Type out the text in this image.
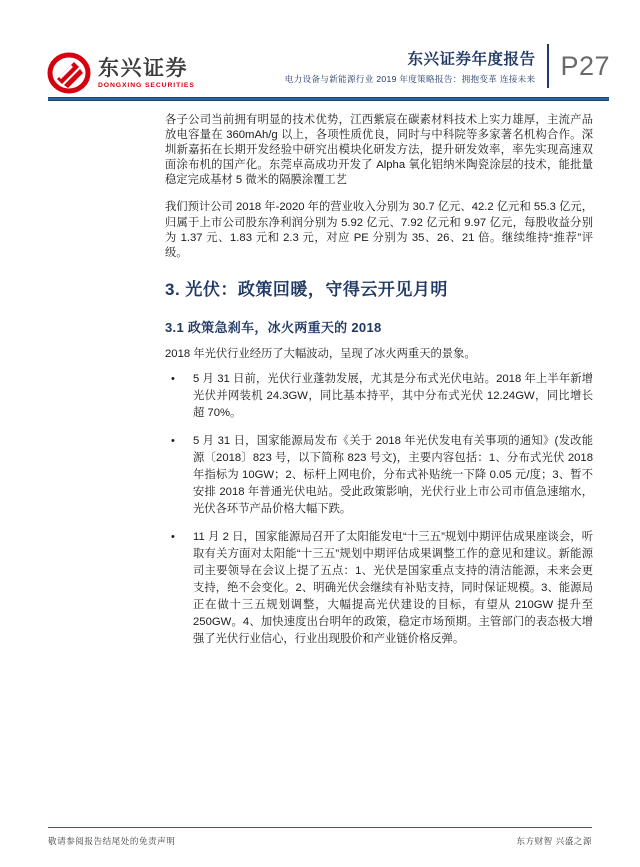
东兴证券
DONGXING SECURITIES
东兴证券年度报告
电力设备与新能源行业 2019 年度策略报告：拥抱变革 连接未来 P27

各子公司当前拥有明显的技术优势，江西紫宸在碳素材料技术上实力雄厚，主流产品放电容量在 360mAh/g 以上，各项性质优良，同时与中科院等多家著名机构合作。深圳新嘉拓在长期开发经验中研究出模块化研发方法，提升研发效率，率先实现高速双面涂布机的国产化。东莞卓高成功开发了 Alpha 氧化铝纳米陶瓷涂层的技术，能批量稳定完成基材 5 微米的隔膜涂覆工艺

我们预计公司 2018 年-2020 年的营业收入分别为 30.7 亿元、42.2 亿元和 55.3 亿元，归属于上市公司股东净利润分别为 5.92 亿元、7.92 亿元和 9.97 亿元，每股收益分别为 1.37 元、1.83 元和 2.3 元，对应 PE 分别为 35、26、21 倍。继续维持“推荐”评级。

3. 光伏：政策回暖，守得云开见月明
3.1 政策急刹车，冰火两重天的 2018

2018 年光伏行业经历了大幅波动，呈现了冰火两重天的景象。

• 5 月 31 日前，光伏行业蓬勃发展，尤其是分布式光伏电站。2018 年上半年新增光伏并网装机 24.3GW，同比基本持平，其中分布式光伏 12.24GW，同比增长超 70%。
• 5 月 31 日，国家能源局发布《关于 2018 年光伏发电有关事项的通知》(发改能源〔2018〕823 号，以下简称 823 号文)，主要内容包括：1、分布式光伏 2018 年指标为 10GW；2、标杆上网电价，分布式补贴统一下降 0.05 元/度；3、暂不安排 2018 年普通光伏电站。受此政策影响，光伏行业上市公司市值急速缩水，光伏各环节产品价格大幅下跌。
• 11 月 2 日，国家能源局召开了太阳能发电“十三五”规划中期评估成果座谈会，听取有关方面对太阳能“十三五”规划中期评估成果调整工作的意见和建议。新能源司主要领导在会议上提了五点：1、光伏是国家重点支持的清洁能源，未来会更支持，绝不会变化。2、明确光伏会继续有补贴支持，同时保证规模。3、能源局正在做十三五规划调整，大幅提高光伏建设的目标，有望从 210GW 提升至 250GW。4、加快速度出台明年的政策，稳定市场预期。主管部门的表态极大增强了光伏行业信心，行业出现股价和产业链价格反弹。
敬请参阅报告结尾处的免责声明	东方财智 兴盛之源
